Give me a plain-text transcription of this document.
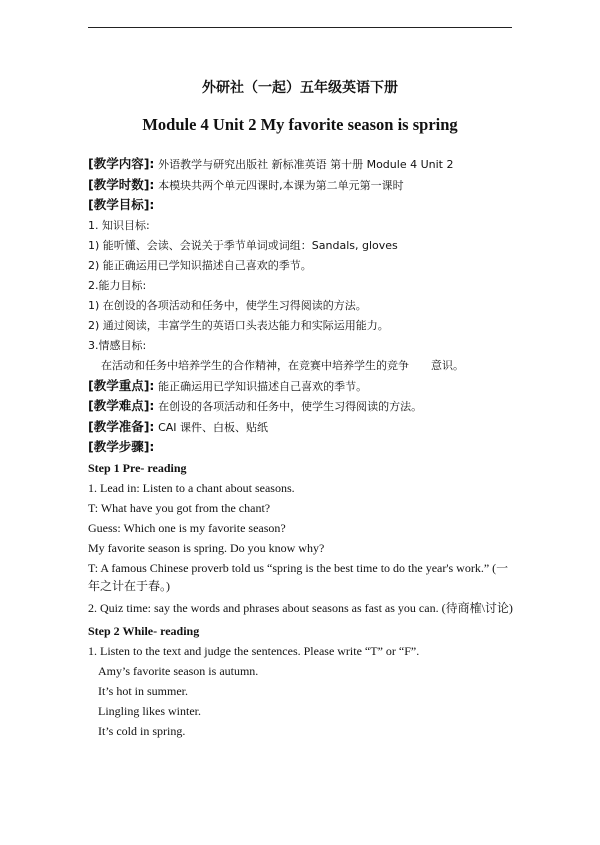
外研社（一起）五年级英语下册
Module 4 Unit 2 My favorite season is spring
[教学内容]: 外语教学与研究出版社 新标准英语 第十册 Module 4 Unit 2
[教学时数]: 本模块共两个单元四课时,本课为第二单元第一课时
[教学目标]:
1. 知识目标:
1) 能听懂、会读、会说关于季节单词或词组：Sandals, gloves
2) 能正确运用已学知识描述自己喜欢的季节。
2.能力目标:
1) 在创设的各项活动和任务中，使学生习得阅读的方法。
2) 通过阅读，丰富学生的英语口头表达能力和实际运用能力。
3.情感目标:
在活动和任务中培养学生的合作精神，在竞赛中培养学生的竞争　　意识。
[教学重点]: 能正确运用已学知识描述自己喜欢的季节。
[教学难点]: 在创设的各项活动和任务中，使学生习得阅读的方法。
[教学准备]: CAI 课件、白板、贴纸
[教学步骤]:
Step 1 Pre- reading
1. Lead in: Listen to a chant about seasons.
T: What have you got from the chant?
Guess: Which one is my favorite season?
My favorite season is spring. Do you know why?
T: A famous Chinese proverb told us “spring is the best time to do the year's work.” (一年之计在于春。)
2. Quiz time: say the words and phrases about seasons as fast as you can. (待商榷\讨论)
Step 2 While- reading
1. Listen to the text and judge the sentences. Please write “T” or “F”.
Amy’s favorite season is autumn.
It’s hot in summer.
Lingling likes winter.
It’s cold in spring.
